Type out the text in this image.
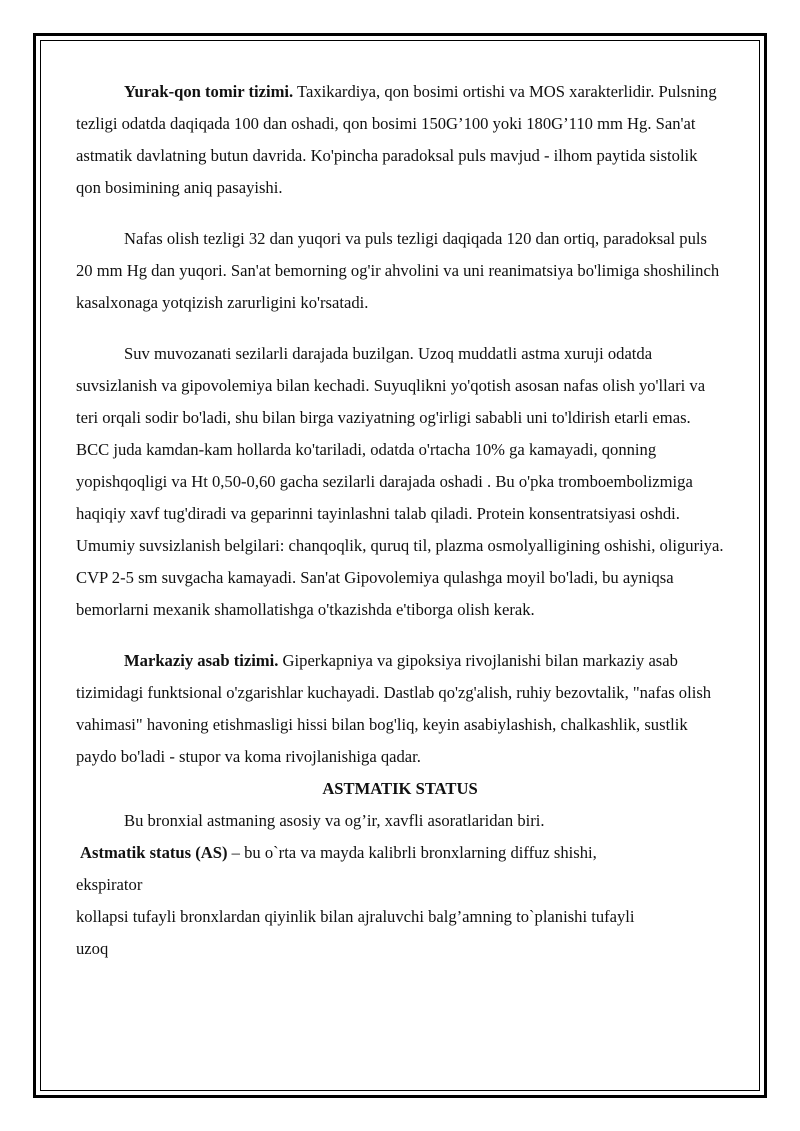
Yurak-qon tomir tizimi. Taxikardiya, qon bosimi ortishi va MOS xarakterlidir. Pulsning tezligi odatda daqiqada 100 dan oshadi, qon bosimi 150G’100 yoki 180G’110 mm Hg. San'at astmatik davlatning butun davrida. Ko'pincha paradoksal puls mavjud - ilhom paytida sistolik qon bosimining aniq pasayishi.

Nafas olish tezligi 32 dan yuqori va puls tezligi daqiqada 120 dan ortiq, paradoksal puls 20 mm Hg dan yuqori. San'at bemorning og'ir ahvolini va uni reanimatsiya bo'limiga shoshilinch kasalxonaga yotqizish zarurligini ko'rsatadi.

Suv muvozanati sezilarli darajada buzilgan. Uzoq muddatli astma xuruji odatda suvsizlanish va gipovolemiya bilan kechadi. Suyuqlikni yo'qotish asosan nafas olish yo'llari va teri orqali sodir bo'ladi, shu bilan birga vaziyatning og'irligi sababli uni to'ldirish etarli emas. BCC juda kamdan-kam hollarda ko'tariladi, odatda o'rtacha 10% ga kamayadi, qonning yopishqoqligi va Ht 0,50-0,60 gacha sezilarli darajada oshadi . Bu o'pka tromboembolizmiga haqiqiy xavf tug'diradi va geparinni tayinlashni talab qiladi. Protein konsentratsiyasi oshdi. Umumiy suvsizlanish belgilari: chanqoqlik, quruq til, plazma osmolyalligining oshishi, oliguriya. CVP 2-5 sm suvgacha kamayadi. San'at Gipovolemiya qulashga moyil bo'ladi, bu ayniqsa bemorlarni mexanik shamollatishga o'tkazishda e'tiborga olish kerak.

Markaziy asab tizimi. Giperkapniya va gipoksiya rivojlanishi bilan markaziy asab tizimidagi funktsional o'zgarishlar kuchayadi. Dastlab qo'zg'alish, ruhiy bezovtalik, "nafas olish vahimasi" havoning etishmasligi hissi bilan bog'liq, keyin asabiylashish, chalkashlik, sustlik paydo bo'ladi - stupor va koma rivojlanishiga qadar.

ASTMATIK STATUS

Bu bronxial astmaning asosiy va og’ir, xavfli asoratlaridan biri.

Astmatik status (AS) – bu o`rta va mayda kalibrli bronxlarning diffuz shishi,

ekspirator

kollapsi tufayli bronxlardan qiyinlik bilan ajraluvchi balg’amning to`planishi tufayli

uzoq
